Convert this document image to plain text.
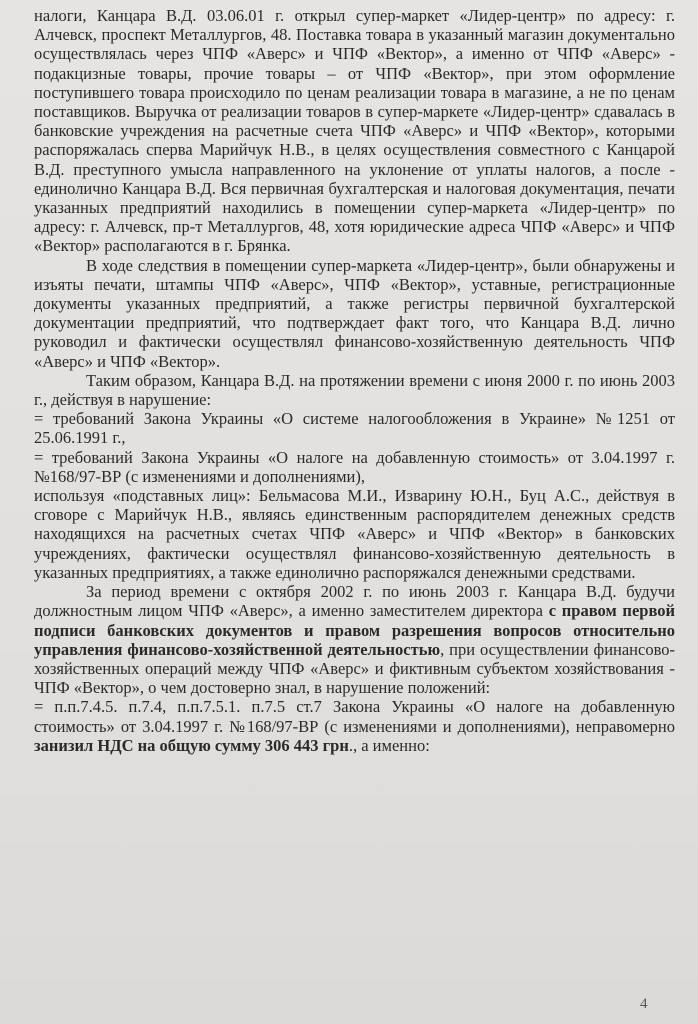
налоги, Канцара В.Д. 03.06.01 г. открыл супер-маркет «Лидер-центр» по адресу: г. Алчевск, проспект Металлургов, 48. Поставка товара в указанный магазин документально осуществлялась через ЧПФ «Аверс» и ЧПФ «Вектор», а именно от ЧПФ «Аверс» - подакцизные товары, прочие товары – от ЧПФ «Вектор», при этом оформление поступившего товара происходило по ценам реализации товара в магазине, а не по ценам поставщиков. Выручка от реализации товаров в супер-маркете «Лидер-центр» сдавалась в банковские учреждения на расчетные счета ЧПФ «Аверс» и ЧПФ «Вектор», которыми распоряжалась сперва Марийчук Н.В., в целях осуществления совместного с Канцарой В.Д. преступного умысла направленного на уклонение от уплаты налогов, а после - единолично Канцара В.Д. Вся первичная бухгалтерская и налоговая документация, печати указанных предприятий находились в помещении супер-маркета «Лидер-центр» по адресу: г. Алчевск, пр-т Металлургов, 48, хотя юридические адреса ЧПФ «Аверс» и ЧПФ «Вектор» располагаются в г. Брянка.

В ходе следствия в помещении супер-маркета «Лидер-центр», были обнаружены и изъяты печати, штампы ЧПФ «Аверс», ЧПФ «Вектор», уставные, регистрационные документы указанных предприятий, а также регистры первичной бухгалтерской документации предприятий, что подтверждает факт того, что Канцара В.Д. лично руководил и фактически осуществлял финансово-хозяйственную деятельность ЧПФ «Аверс» и ЧПФ «Вектор».

Таким образом, Канцара В.Д. на протяжении времени с июня 2000 г. по июнь 2003 г., действуя в нарушение:

= требований Закона Украины «О системе налогообложения в Украине» №1251 от 25.06.1991 г.,

= требований Закона Украины «О налоге на добавленную стоимость» от 3.04.1997 г. №168/97-ВР (с изменениями и дополнениями),

используя «подставных лиц»: Бельмасова М.И., Изварину Ю.Н., Буц А.С., действуя в сговоре с Марийчук Н.В., являясь единственным распорядителем денежных средств находящихся на расчетных счетах ЧПФ «Аверс» и ЧПФ «Вектор» в банковских учреждениях, фактически осуществлял финансово-хозяйственную деятельность в указанных предприятиях, а также единолично распоряжался денежными средствами.

За период времени с октября 2002 г. по июнь 2003 г. Канцара В.Д. будучи должностным лицом ЧПФ «Аверс», а именно заместителем директора с правом первой подписи банковских документов и правом разрешения вопросов относительно управления финансово-хозяйственной деятельностью, при осуществлении финансово-хозяйственных операций между ЧПФ «Аверс» и фиктивным субъектом хозяйствования - ЧПФ «Вектор», о чем достоверно знал, в нарушение положений:

= п.п.7.4.5. п.7.4, п.п.7.5.1. п.7.5 ст.7 Закона Украины «О налоге на добавленную стоимость» от 3.04.1997 г. №168/97-ВР (с изменениями и дополнениями), неправомерно занизил НДС на общую сумму 306 443 грн., а именно:

4
